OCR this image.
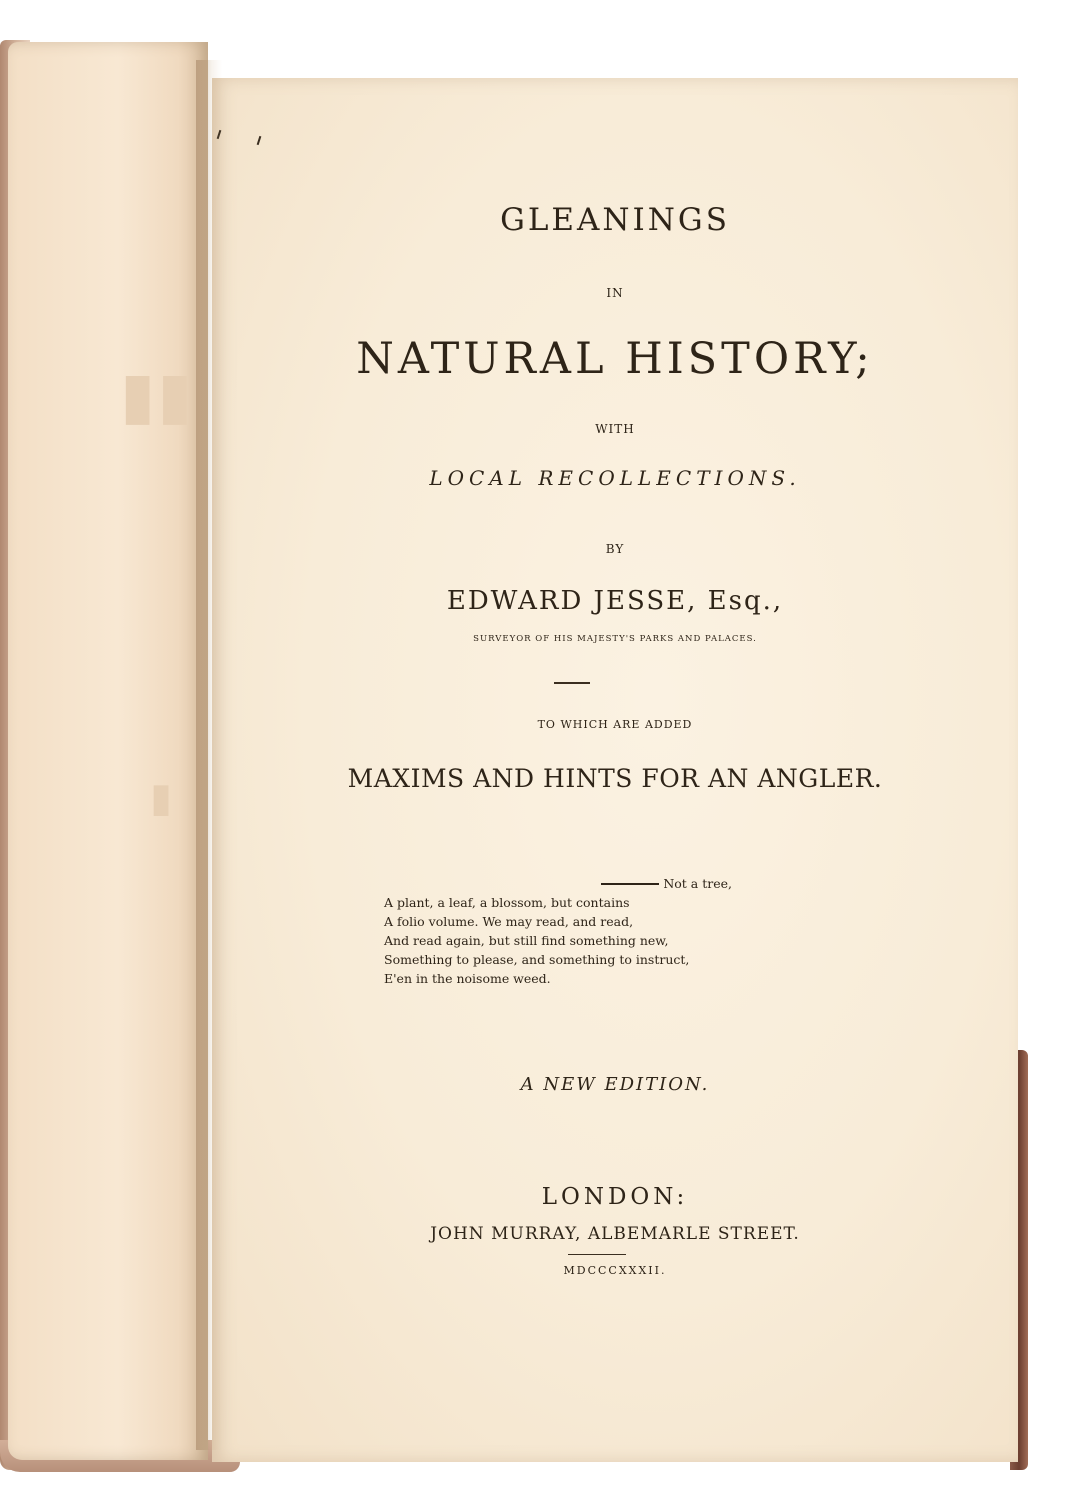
▮▮
▮

GLEANINGS

IN

NATURAL HISTORY;

WITH

LOCAL RECOLLECTIONS.

BY

EDWARD JESSE, Esq.,

SURVEYOR OF HIS MAJESTY'S PARKS AND PALACES.

TO WHICH ARE ADDED

MAXIMS AND HINTS FOR AN ANGLER.

Not a tree,
A plant, a leaf, a blossom, but contains
A folio volume. We may read, and read,
And read again, but still find something new,
Something to please, and something to instruct,
E'en in the noisome weed.

A NEW EDITION.

LONDON:

JOHN MURRAY, ALBEMARLE STREET.

MDCCCXXXII.
